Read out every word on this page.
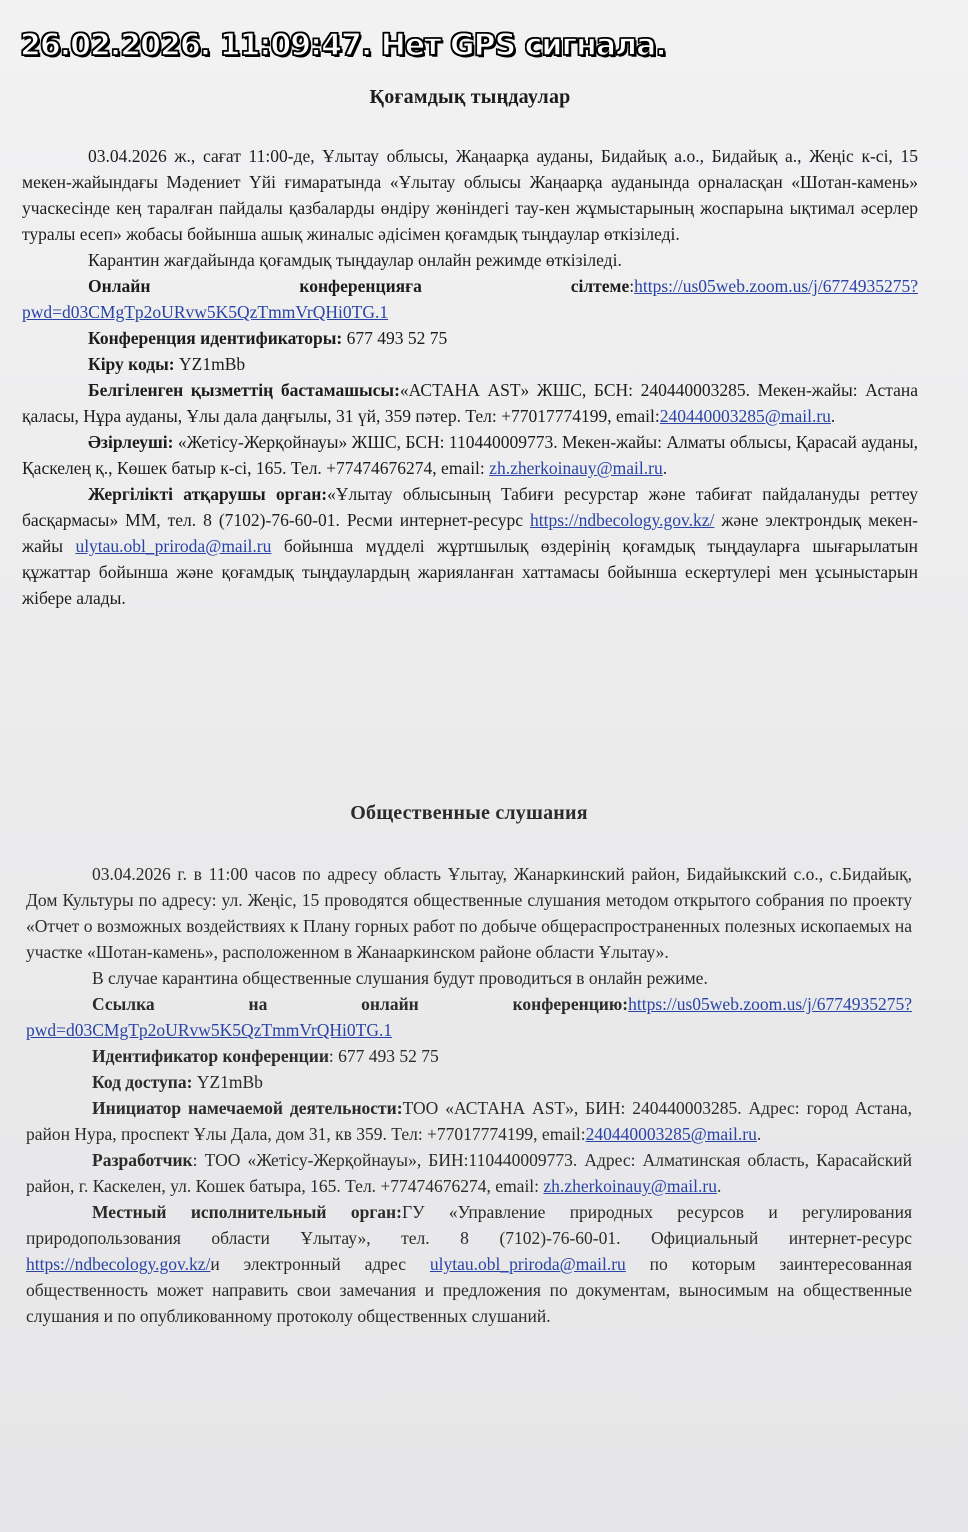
26.02.2026. 11:09:47. Нет GPS сигнала.
Қоғамдық тыңдаулар

03.04.2026 ж., сағат 11:00-де, Ұлытау облысы, Жаңаарқа ауданы, Бидайық а.о., Бидайық а., Жеңіс к-сі, 15 мекен-жайындағы Мәдениет Үйі ғимаратында «Ұлытау облысы Жаңаарқа ауданында орналасқан «Шотан-камень» учаскесінде кең таралған пайдалы қазбаларды өндіру жөніндегі тау-кен жұмыстарының жоспарына ықтимал әсерлер туралы есеп» жобасы бойынша ашық жиналыс әдісімен қоғамдық тыңдаулар өткізіледі.

Карантин жағдайында қоғамдық тыңдаулар онлайн режимде өткізіледі.

Онлайн конференцияға сілтеме:https://us05web.zoom.us/j/6774935275?pwd=d03CMgTp2oURvw5K5QzTmmVrQHi0TG.1

Конференция идентификаторы: 677 493 52 75

Кіру коды: YZ1mBb

Белгіленген қызметтің бастамашысы:«АСТАНА AST» ЖШС, БСН: 240440003285. Мекен-жайы: Астана қаласы, Нұра ауданы, Ұлы дала даңғылы, 31 үй, 359 пәтер. Тел: +77017774199, email:240440003285@mail.ru.

Әзірлеуші: «Жетісу-Жерқойнауы» ЖШС, БСН: 110440009773. Мекен-жайы: Алматы облысы, Қарасай ауданы, Қаскелең қ., Көшек батыр к-сі, 165. Тел. +77474676274, email: zh.zherkoinauy@mail.ru.

Жергілікті атқарушы орган:«Ұлытау облысының Табиғи ресурстар және табиғат пайдалануды реттеу басқармасы» ММ, тел. 8 (7102)-76-60-01. Ресми интернет-ресурс https://ndbecology.gov.kz/ және электрондық мекен-жайы ulytau.obl_priroda@mail.ru бойынша мүдделі жұртшылық өздерінің қоғамдық тыңдауларға шығарылатын құжаттар бойынша және қоғамдық тыңдаулардың жарияланған хаттамасы бойынша ескертулері мен ұсыныстарын жібере алады.

Общественные слушания

03.04.2026 г. в 11:00 часов по адресу область Ұлытау, Жанаркинский район, Бидайыкский с.о., с.Бидайық, Дом Культуры по адресу: ул. Жеңіс, 15 проводятся общественные слушания методом открытого собрания по проекту «Отчет о возможных воздействиях к Плану горных работ по добыче общераспространенных полезных ископаемых на участке «Шотан-камень», расположенном в Жанааркинском районе области Ұлытау».

В случае карантина общественные слушания будут проводиться в онлайн режиме.

Ссылка на онлайн конференцию:https://us05web.zoom.us/j/6774935275?pwd=d03CMgTp2oURvw5K5QzTmmVrQHi0TG.1

Идентификатор конференции: 677 493 52 75

Код доступа: YZ1mBb

Инициатор намечаемой деятельности:ТОО «АСТАНА AST», БИН: 240440003285. Адрес: город Астана, район Нура, проспект Ұлы Дала, дом 31, кв 359. Тел: +77017774199, email:240440003285@mail.ru.

Разработчик: ТОО «Жетісу-Жерқойнауы», БИН:110440009773. Адрес: Алматинская область, Карасайский район, г. Каскелен, ул. Кошек батыра, 165. Тел. +77474676274, email: zh.zherkoinauy@mail.ru.

Местный исполнительный орган:ГУ «Управление природных ресурсов и регулирования природопользования области Ұлытау», тел. 8 (7102)-76-60-01. Официальный интернет-ресурс https://ndbecology.gov.kz/и электронный адрес ulytau.obl_priroda@mail.ru по которым заинтересованная общественность может направить свои замечания и предложения по документам, выносимым на общественные слушания и по опубликованному протоколу общественных слушаний.
